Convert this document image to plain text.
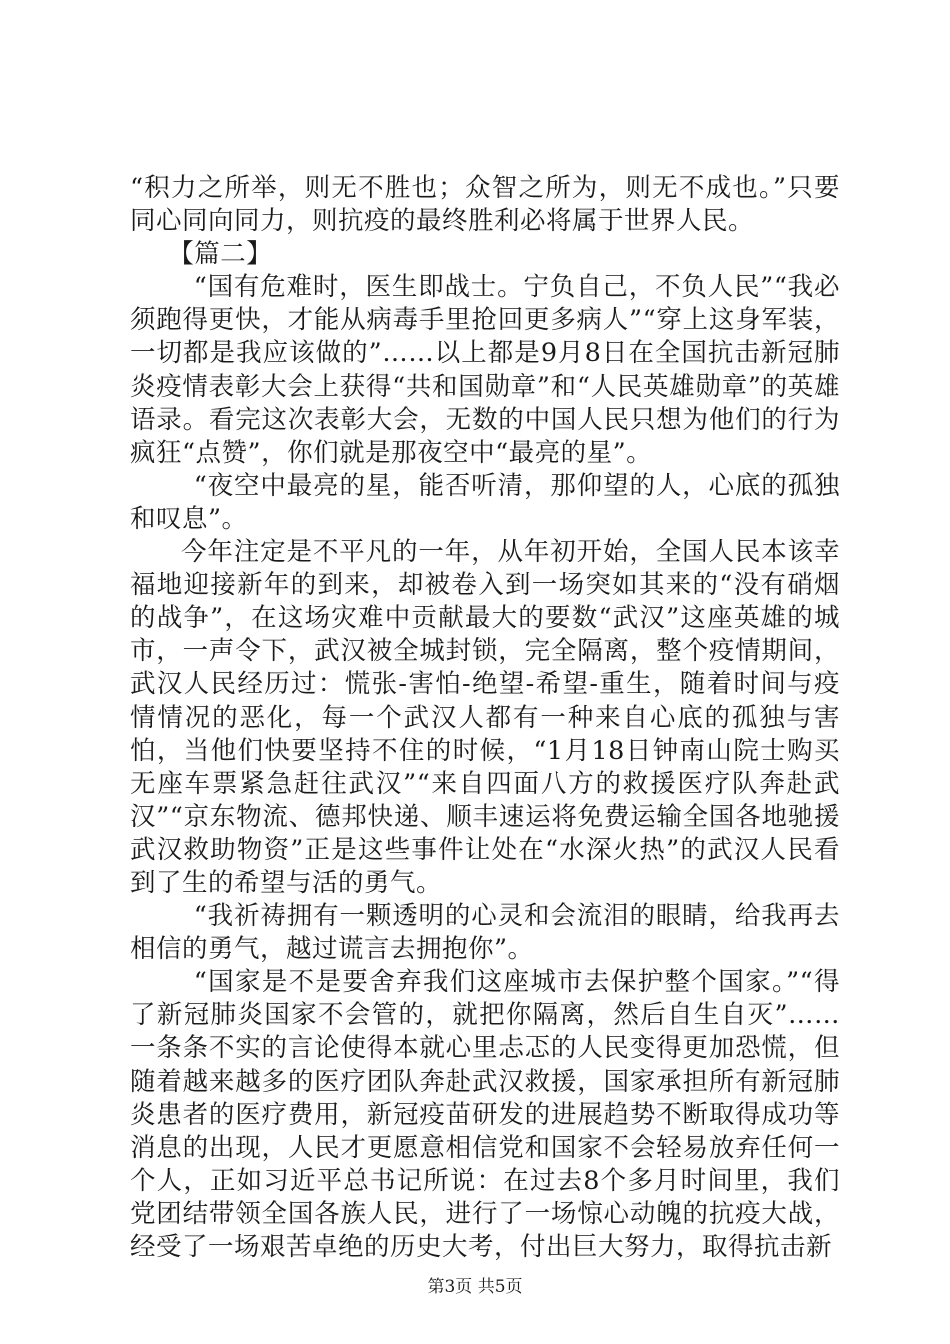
“积力之所举，则无不胜也；众智之所为，则无不成也。”只要同心同向同力，则抗疫的最终胜利必将属于世界人民。

【篇二】

“国有危难时，医生即战士。宁负自己，不负人民”“我必须跑得更快，才能从病毒手里抢回更多病人”“穿上这身军装，一切都是我应该做的”……以上都是9月8日在全国抗击新冠肺炎疫情表彰大会上获得“共和国勋章”和“人民英雄勋章”的英雄语录。看完这次表彰大会，无数的中国人民只想为他们的行为疯狂“点赞”，你们就是那夜空中“最亮的星”。

“夜空中最亮的星，能否听清，那仰望的人，心底的孤独和叹息”。

今年注定是不平凡的一年，从年初开始，全国人民本该幸福地迎接新年的到来，却被卷入到一场突如其来的“没有硝烟的战争”，在这场灾难中贡献最大的要数“武汉”这座英雄的城市，一声令下，武汉被全城封锁，完全隔离，整个疫情期间，武汉人民经历过：慌张-害怕-绝望-希望-重生，随着时间与疫情情况的恶化，每一个武汉人都有一种来自心底的孤独与害怕，当他们快要坚持不住的时候，“1月18日钟南山院士购买无座车票紧急赶往武汉”“来自四面八方的救援医疗队奔赴武汉”“京东物流、德邦快递、顺丰速运将免费运输全国各地驰援武汉救助物资”正是这些事件让处在“水深火热”的武汉人民看到了生的希望与活的勇气。

“我祈祷拥有一颗透明的心灵和会流泪的眼睛，给我再去相信的勇气，越过谎言去拥抱你”。

“国家是不是要舍弃我们这座城市去保护整个国家。”“得了新冠肺炎国家不会管的，就把你隔离，然后自生自灭”……一条条不实的言论使得本就心里忐忑的人民变得更加恐慌，但随着越来越多的医疗团队奔赴武汉救援，国家承担所有新冠肺炎患者的医疗费用，新冠疫苗研发的进展趋势不断取得成功等消息的出现，人民才更愿意相信党和国家不会轻易放弃任何一个人，正如习近平总书记所说：在过去8个多月时间里，我们党团结带领全国各族人民，进行了一场惊心动魄的抗疫大战，经受了一场艰苦卓绝的历史大考，付出巨大努力，取得抗击新

第3页 共5页
